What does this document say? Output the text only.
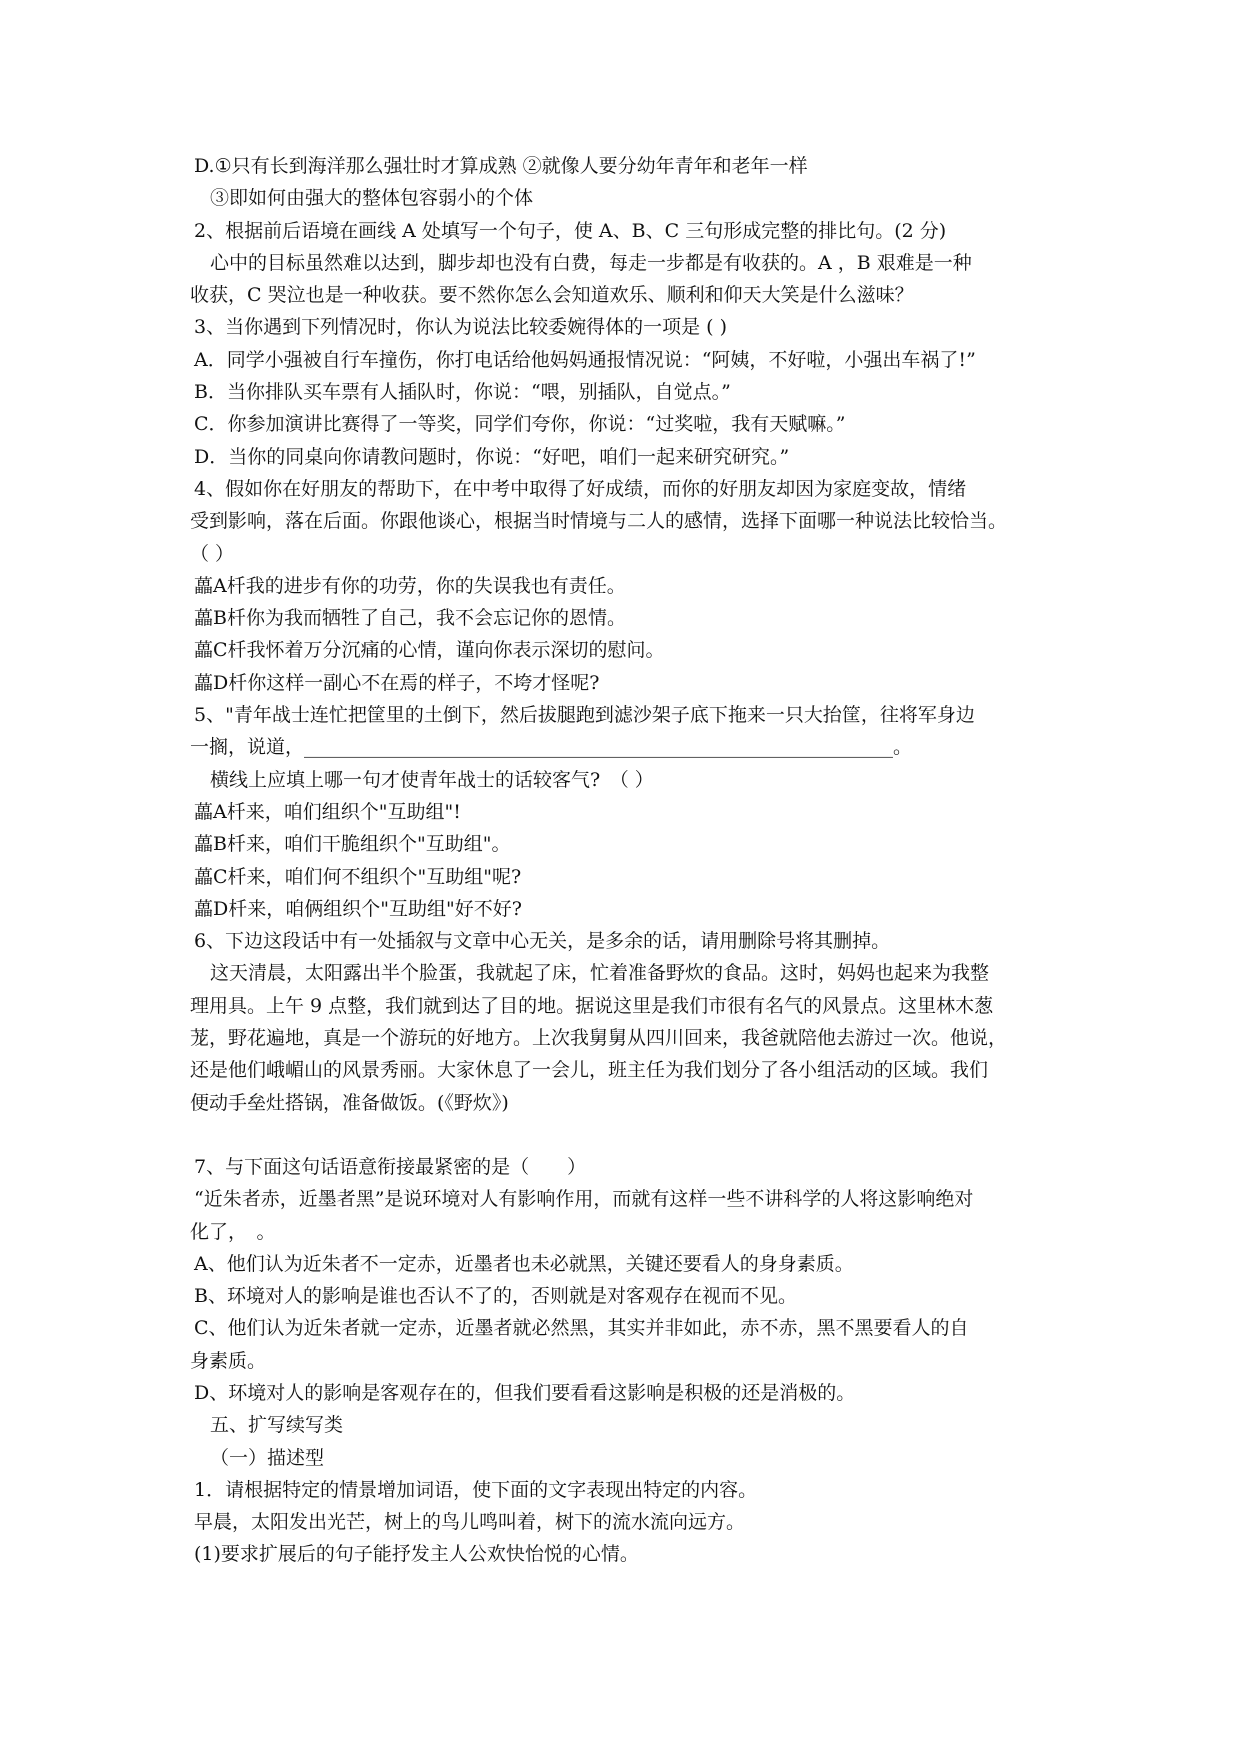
D.①只有长到海洋那么强壮时才算成熟 ②就像人要分幼年青年和老年一样

③即如何由强大的整体包容弱小的个体

2、根据前后语境在画线 A 处填写一个句子，使 A、B、C 三句形成完整的排比句。(2 分)

心中的目标虽然难以达到，脚步却也没有白费，每走一步都是有收获的。A ，B 艰难是一种

收获，C 哭泣也是一种收获。要不然你怎么会知道欢乐、顺利和仰天大笑是什么滋味？

3、当你遇到下列情况时，你认为说法比较委婉得体的一项是 ( )

A．同学小强被自行车撞伤，你打电话给他妈妈通报情况说：“阿姨，不好啦，小强出车祸了!”

B．当你排队买车票有人插队时，你说：“喂，别插队，自觉点。”

C．你参加演讲比赛得了一等奖，同学们夸你，你说：“过奖啦，我有天赋嘛。”

D．当你的同桌向你请教问题时，你说：“好吧，咱们一起来研究研究。”

4、假如你在好朋友的帮助下，在中考中取得了好成绩，而你的好朋友却因为家庭变故，情绪

受到影响，落在后面。你跟他谈心，根据当时情境与二人的感情，选择下面哪一种说法比较恰当。

（ ）

藟A杄我的进步有你的功劳，你的失误我也有责任。

藟B杄你为我而牺牲了自己，我不会忘记你的恩情。

藟C杄我怀着万分沉痛的心情，谨向你表示深切的慰问。

藟D杄你这样一副心不在焉的样子，不垮才怪呢?

5、"青年战士连忙把筐里的土倒下，然后拔腿跑到滤沙架子底下拖来一只大抬筐，往将军身边

一搁，说道，______________________________________________________________。

横线上应填上哪一句才使青年战士的话较客气?　（ ）

藟A杄来，咱们组织个"互助组"!

藟B杄来，咱们干脆组织个"互助组"。

藟C杄来，咱们何不组织个"互助组"呢?

藟D杄来，咱俩组织个"互助组"好不好?

6、下边这段话中有一处插叙与文章中心无关，是多余的话，请用删除号将其删掉。

这天清晨，太阳露出半个脸蛋，我就起了床，忙着准备野炊的食品。这时，妈妈也起来为我整

理用具。上午 9 点整，我们就到达了目的地。据说这里是我们市很有名气的风景点。这里林木葱

茏，野花遍地，真是一个游玩的好地方。上次我舅舅从四川回来，我爸就陪他去游过一次。他说，

还是他们峨嵋山的风景秀丽。大家休息了一会儿，班主任为我们划分了各小组活动的区域。我们

便动手垒灶搭锅，准备做饭。(《野炊》)

7、与下面这句话语意衔接最紧密的是（　　）

“近朱者赤，近墨者黑”是说环境对人有影响作用，而就有这样一些不讲科学的人将这影响绝对

化了，　。

A、他们认为近朱者不一定赤，近墨者也未必就黑，关键还要看人的身身素质。

B、环境对人的影响是谁也否认不了的，否则就是对客观存在视而不见。

C、他们认为近朱者就一定赤，近墨者就必然黑，其实并非如此，赤不赤，黑不黑要看人的自

身素质。

D、环境对人的影响是客观存在的，但我们要看看这影响是积极的还是消极的。

五、扩写续写类

（一）描述型

1．请根据特定的情景增加词语，使下面的文字表现出特定的内容。

早晨，太阳发出光芒，树上的鸟儿鸣叫着，树下的流水流向远方。

(1)要求扩展后的句子能抒发主人公欢快怡悦的心情。
